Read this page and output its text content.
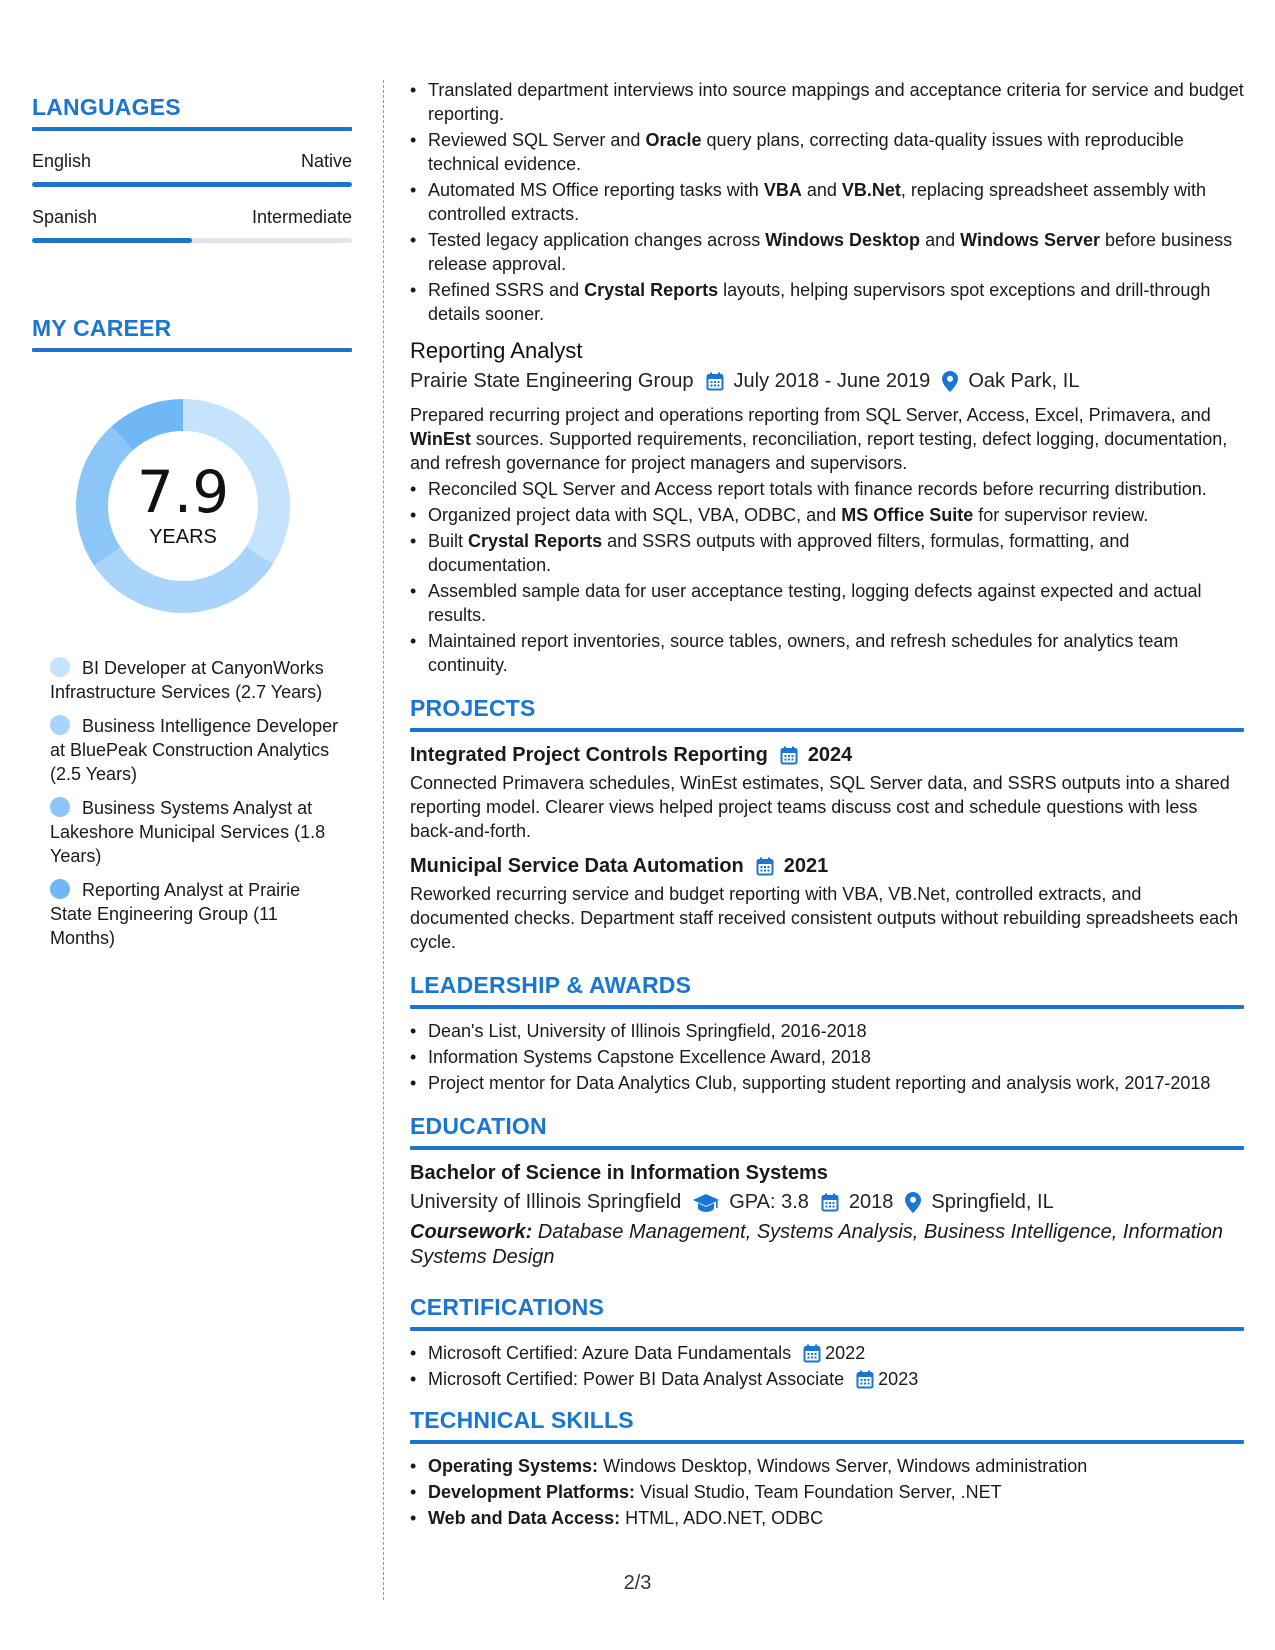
LANGUAGES
English	Native
Spanish	Intermediate
MY CAREER
7.9
YEARS
BI Developer at CanyonWorks Infrastructure Services (2.7 Years)
Business Intelligence Developer at BluePeak Construction Analytics (2.5 Years)
Business Systems Analyst at Lakeshore Municipal Services (1.8 Years)
Reporting Analyst at Prairie State Engineering Group (11 Months)
• Translated department interviews into source mappings and acceptance criteria for service and budget reporting.
• Reviewed SQL Server and Oracle query plans, correcting data-quality issues with reproducible technical evidence.
• Automated MS Office reporting tasks with VBA and VB.Net, replacing spreadsheet assembly with controlled extracts.
• Tested legacy application changes across Windows Desktop and Windows Server before business release approval.
• Refined SSRS and Crystal Reports layouts, helping supervisors spot exceptions and drill-through details sooner.
Reporting Analyst
Prairie State Engineering Group July 2018 - June 2019 Oak Park, IL
Prepared recurring project and operations reporting from SQL Server, Access, Excel, Primavera, and WinEst sources. Supported requirements, reconciliation, report testing, defect logging, documentation, and refresh governance for project managers and supervisors.
• Reconciled SQL Server and Access report totals with finance records before recurring distribution.
• Organized project data with SQL, VBA, ODBC, and MS Office Suite for supervisor review.
• Built Crystal Reports and SSRS outputs with approved filters, formulas, formatting, and documentation.
• Assembled sample data for user acceptance testing, logging defects against expected and actual results.
• Maintained report inventories, source tables, owners, and refresh schedules for analytics team continuity.
PROJECTS
Integrated Project Controls Reporting 2024
Connected Primavera schedules, WinEst estimates, SQL Server data, and SSRS outputs into a shared reporting model. Clearer views helped project teams discuss cost and schedule questions with less back-and-forth.
Municipal Service Data Automation 2021
Reworked recurring service and budget reporting with VBA, VB.Net, controlled extracts, and documented checks. Department staff received consistent outputs without rebuilding spreadsheets each cycle.
LEADERSHIP & AWARDS
• Dean's List, University of Illinois Springfield, 2016-2018
• Information Systems Capstone Excellence Award, 2018
• Project mentor for Data Analytics Club, supporting student reporting and analysis work, 2017-2018
EDUCATION
Bachelor of Science in Information Systems
University of Illinois Springfield GPA: 3.8 2018 Springfield, IL
Coursework: Database Management, Systems Analysis, Business Intelligence, Information Systems Design
CERTIFICATIONS
• Microsoft Certified: Azure Data Fundamentals 2022
• Microsoft Certified: Power BI Data Analyst Associate 2023
TECHNICAL SKILLS
• Operating Systems: Windows Desktop, Windows Server, Windows administration
• Development Platforms: Visual Studio, Team Foundation Server, .NET
• Web and Data Access: HTML, ADO.NET, ODBC
2/3
